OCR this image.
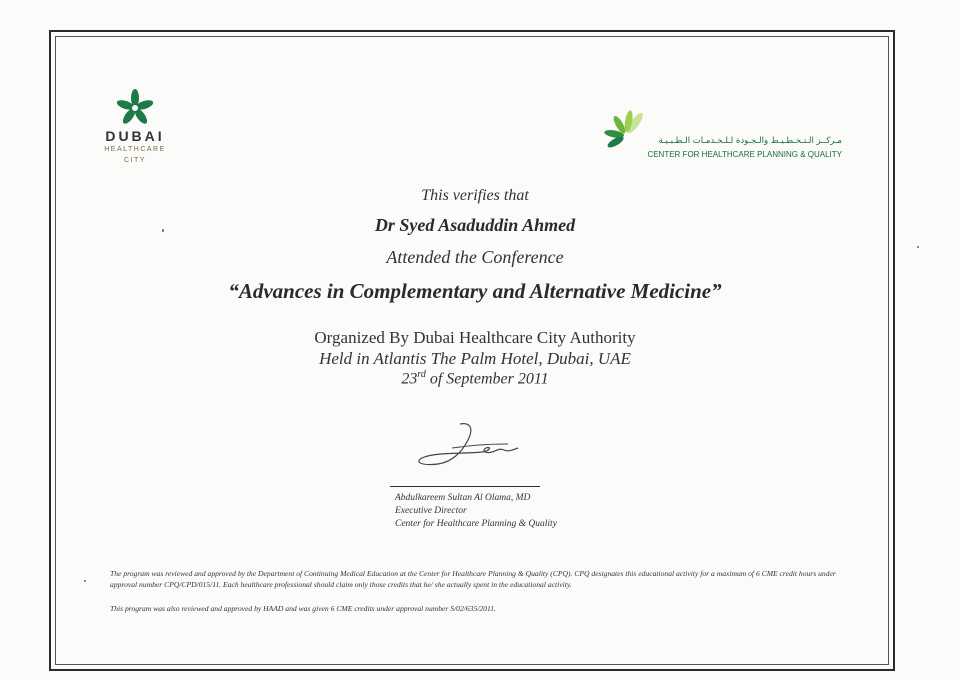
DUBAI
HEALTHCARE
CITY
مـركــز الـتـخـطـيـط والـجـودة لـلـخـدمـات الـطـبـيـة
CENTER FOR HEALTHCARE PLANNING & QUALITY
This verifies that
Dr Syed Asaduddin Ahmed
Attended the Conference
“Advances in Complementary and Alternative Medicine”
Organized By Dubai Healthcare City Authority
Held in Atlantis The Palm Hotel, Dubai, UAE
23rd of September 2011
Abdulkareem Sultan Al Olama, MD
Executive Director
Center for Healthcare Planning & Quality
The program was reviewed and approved by the Department of Continuing Medical Education at the Center for Healthcare Planning & Quality (CPQ). CPQ designates this educational activity for a maximum of 6 CME credit hours under approval number CPQ/CPD/015/11. Each healthcare professional should claim only those credits that he/ she actually spent in the educational activity.
This program was also reviewed and approved by HAAD and was given 6 CME credits under approval number S/02/635/2011.
